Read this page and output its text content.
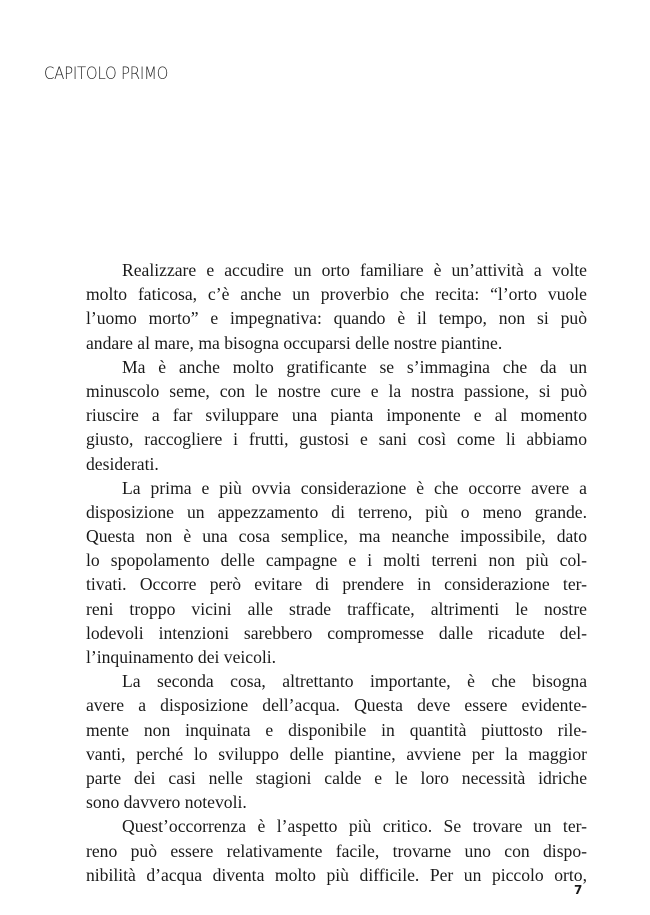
CAPITOLO PRIMO
Realizzare e accudire un orto familiare è un’attività a volte
molto faticosa, c’è anche un proverbio che recita: “l’orto vuole
l’uomo morto” e impegnativa: quando è il tempo, non si può
andare al mare, ma bisogna occuparsi delle nostre piantine.
Ma è anche molto gratificante se s’immagina che da un
minuscolo seme, con le nostre cure e la nostra passione, si può
riuscire a far sviluppare una pianta imponente e al momento
giusto, raccogliere i frutti, gustosi e sani così come li abbiamo
desiderati.
La prima e più ovvia considerazione è che occorre avere a
disposizione un appezzamento di terreno, più o meno grande.
Questa non è una cosa semplice, ma neanche impossibile, dato
lo spopolamento delle campagne e i molti terreni non più col-
tivati. Occorre però evitare di prendere in considerazione ter-
reni troppo vicini alle strade trafficate, altrimenti le nostre
lodevoli intenzioni sarebbero compromesse dalle ricadute del-
l’inquinamento dei veicoli.
La seconda cosa, altrettanto importante, è che bisogna
avere a disposizione dell’acqua. Questa deve essere evidente-
mente non inquinata e disponibile in quantità piuttosto rile-
vanti, perché lo sviluppo delle piantine, avviene per la maggior
parte dei casi nelle stagioni calde e le loro necessità idriche
sono davvero notevoli.
Quest’occorrenza è l’aspetto più critico. Se trovare un ter-
reno può essere relativamente facile, trovarne uno con dispo-
nibilità d’acqua diventa molto più difficile. Per un piccolo orto,
7
